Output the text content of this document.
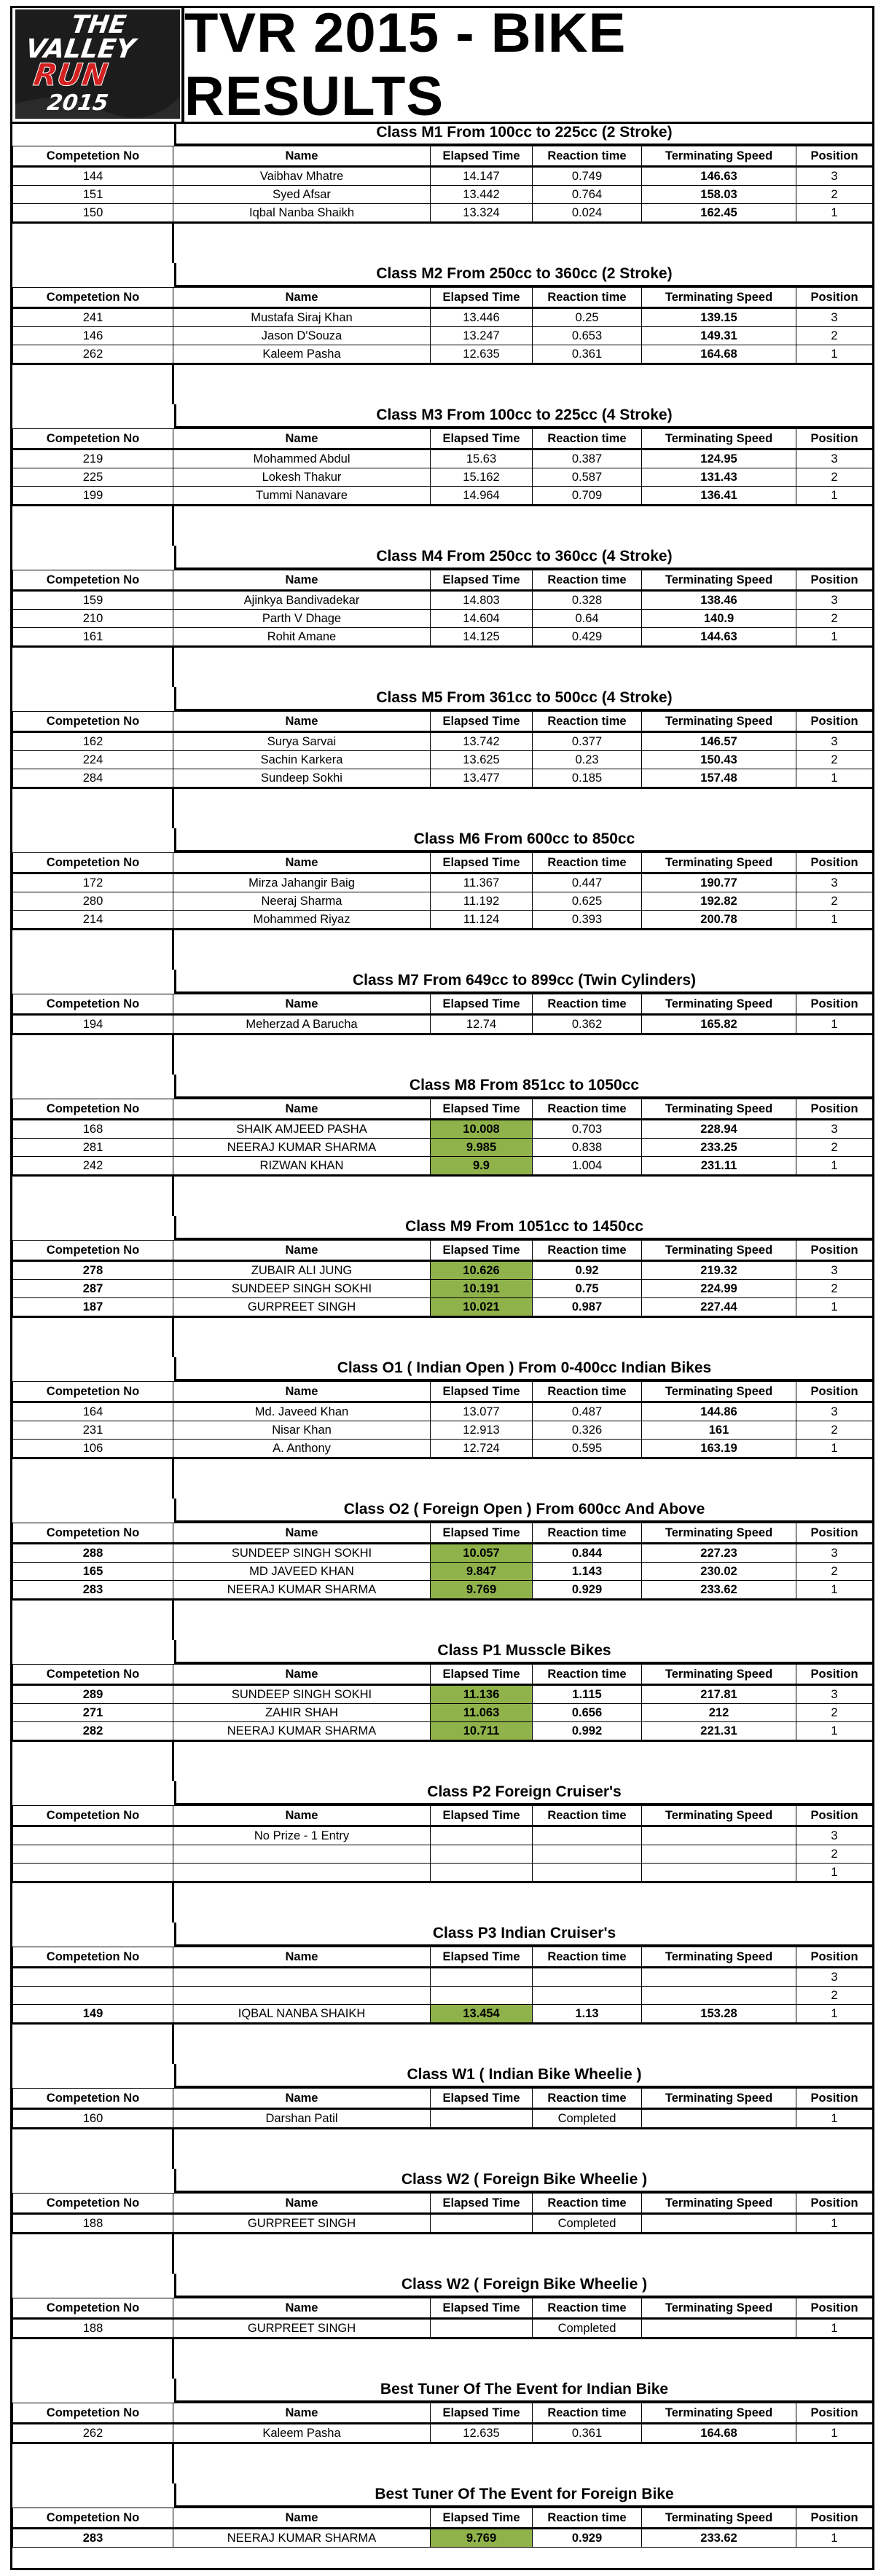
THE
VALLEY
RUN
2015
TVR 2015 - BIKE RESULTS
Class M1 From 100cc to 225cc (2 Stroke)
Competetion No	Name	Elapsed Time	Reaction time	Terminating Speed	Position
144	Vaibhav Mhatre	14.147	0.749	146.63	3
151	Syed Afsar	13.442	0.764	158.03	2
150	Iqbal Nanba Shaikh	13.324	0.024	162.45	1
Class M2 From 250cc to 360cc (2 Stroke)
Competetion No	Name	Elapsed Time	Reaction time	Terminating Speed	Position
241	Mustafa Siraj Khan	13.446	0.25	139.15	3
146	Jason D'Souza	13.247	0.653	149.31	2
262	Kaleem Pasha	12.635	0.361	164.68	1
Class M3 From 100cc to 225cc (4 Stroke)
Competetion No	Name	Elapsed Time	Reaction time	Terminating Speed	Position
219	Mohammed Abdul	15.63	0.387	124.95	3
225	Lokesh Thakur	15.162	0.587	131.43	2
199	Tummi Nanavare	14.964	0.709	136.41	1
Class M4 From 250cc to 360cc (4 Stroke)
Competetion No	Name	Elapsed Time	Reaction time	Terminating Speed	Position
159	Ajinkya Bandivadekar	14.803	0.328	138.46	3
210	Parth V Dhage	14.604	0.64	140.9	2
161	Rohit Amane	14.125	0.429	144.63	1
Class M5 From 361cc to 500cc (4 Stroke)
Competetion No	Name	Elapsed Time	Reaction time	Terminating Speed	Position
162	Surya Sarvai	13.742	0.377	146.57	3
224	Sachin Karkera	13.625	0.23	150.43	2
284	Sundeep Sokhi	13.477	0.185	157.48	1
Class M6 From 600cc to 850cc
Competetion No	Name	Elapsed Time	Reaction time	Terminating Speed	Position
172	Mirza Jahangir Baig	11.367	0.447	190.77	3
280	Neeraj Sharma	11.192	0.625	192.82	2
214	Mohammed Riyaz	11.124	0.393	200.78	1
Class M7 From 649cc to 899cc (Twin Cylinders)
Competetion No	Name	Elapsed Time	Reaction time	Terminating Speed	Position
194	Meherzad A Barucha	12.74	0.362	165.82	1
Class M8 From 851cc to 1050cc
Competetion No	Name	Elapsed Time	Reaction time	Terminating Speed	Position
168	SHAIK AMJEED PASHA	10.008	0.703	228.94	3
281	NEERAJ KUMAR SHARMA	9.985	0.838	233.25	2
242	RIZWAN KHAN	9.9	1.004	231.11	1
Class M9 From 1051cc to 1450cc
Competetion No	Name	Elapsed Time	Reaction time	Terminating Speed	Position
278	ZUBAIR ALI JUNG	10.626	0.92	219.32	3
287	SUNDEEP SINGH SOKHI	10.191	0.75	224.99	2
187	GURPREET SINGH	10.021	0.987	227.44	1
Class O1 ( Indian Open ) From 0-400cc Indian Bikes
Competetion No	Name	Elapsed Time	Reaction time	Terminating Speed	Position
164	Md. Javeed Khan	13.077	0.487	144.86	3
231	Nisar Khan	12.913	0.326	161	2
106	A. Anthony	12.724	0.595	163.19	1
Class O2 ( Foreign Open ) From 600cc And Above
Competetion No	Name	Elapsed Time	Reaction time	Terminating Speed	Position
288	SUNDEEP SINGH SOKHI	10.057	0.844	227.23	3
165	MD JAVEED KHAN	9.847	1.143	230.02	2
283	NEERAJ KUMAR SHARMA	9.769	0.929	233.62	1
Class P1 Musscle Bikes
Competetion No	Name	Elapsed Time	Reaction time	Terminating Speed	Position
289	SUNDEEP SINGH SOKHI	11.136	1.115	217.81	3
271	ZAHIR SHAH	11.063	0.656	212	2
282	NEERAJ KUMAR SHARMA	10.711	0.992	221.31	1
Class P2 Foreign Cruiser's
Competetion No	Name	Elapsed Time	Reaction time	Terminating Speed	Position
	No Prize - 1 Entry				3
					2
					1
Class P3 Indian Cruiser's
Competetion No	Name	Elapsed Time	Reaction time	Terminating Speed	Position
					3
					2
149	IQBAL NANBA SHAIKH	13.454	1.13	153.28	1
Class W1 ( Indian Bike Wheelie )
Competetion No	Name	Elapsed Time	Reaction time	Terminating Speed	Position
160	Darshan Patil		Completed		1
Class W2 ( Foreign Bike Wheelie )
Competetion No	Name	Elapsed Time	Reaction time	Terminating Speed	Position
188	GURPREET SINGH		Completed		1
Class W2 ( Foreign Bike Wheelie )
Competetion No	Name	Elapsed Time	Reaction time	Terminating Speed	Position
188	GURPREET SINGH		Completed		1
Best Tuner Of The Event for Indian Bike
Competetion No	Name	Elapsed Time	Reaction time	Terminating Speed	Position
262	Kaleem Pasha	12.635	0.361	164.68	1
Best Tuner Of The Event for Foreign Bike
Competetion No	Name	Elapsed Time	Reaction time	Terminating Speed	Position
283	NEERAJ KUMAR SHARMA	9.769	0.929	233.62	1
